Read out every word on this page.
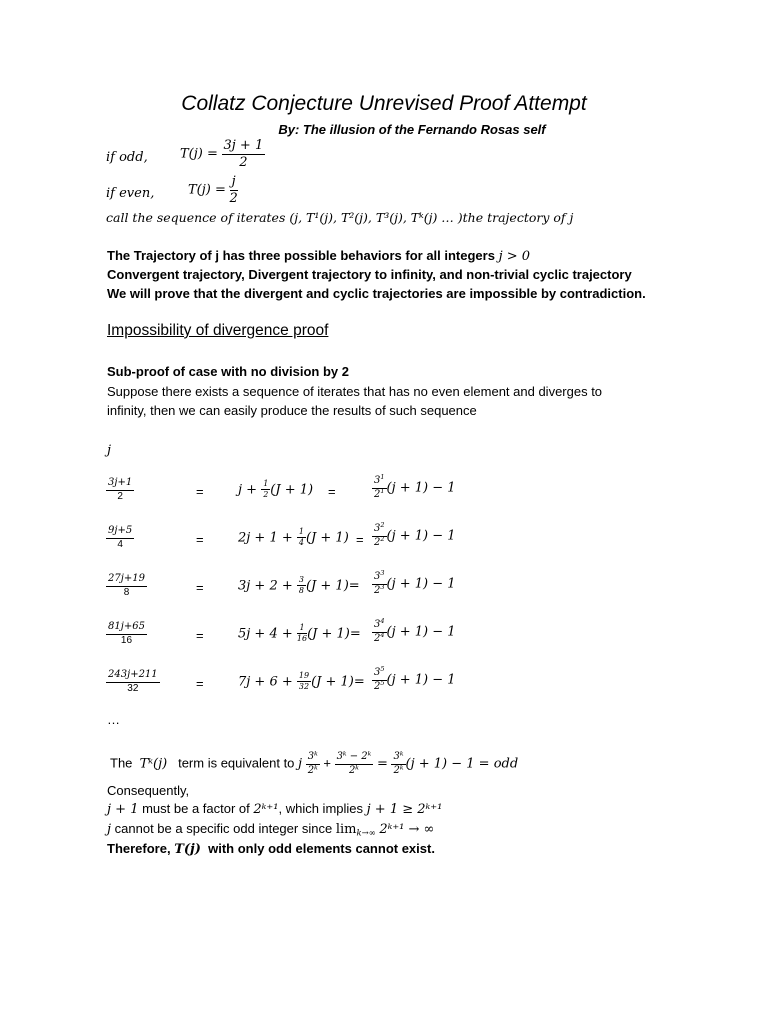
Collatz Conjecture Unrevised Proof Attempt
By: The illusion of the Fernando Rosas self
if odd, $T(j) = \frac{3j + 1}{2}$
if even,	$T(j) = \frac{j}{2}$
call the sequence of iterates (j, T¹(j), T²(j), T³(j), Tᵏ(j) … )the trajectory of j
The Trajectory of j has three possible behaviors for all integers j > 0
Convergent trajectory, Divergent trajectory to infinity, and non-trivial cyclic trajectory
We will prove that the divergent and cyclic trajectories are impossible by contradiction.
Impossibility of divergence proof
Sub-proof of case with no division by 2
Suppose there exists a sequence of iterates that has no even element and diverges to
infinity, then we can easily produce the results of such sequence
j
$\frac{3j+1}{2}$	=	$j + \frac{1}{2} (J + 1)$ =	$\frac{3^1}{2^1} (j + 1) - 1$
$\frac{9j+5}{4}$	=	$2j + 1 + \frac{1}{4} (J + 1) = \frac{3^2}{2^2} (j + 1) - 1$
$\frac{27j+19}{8}$	=	$3j + 2 + \frac{3}{8} (J + 1)= \frac{3^3}{2^3} (j + 1) - 1$
$\frac{81j+65}{16}$	=	$5j + 4 + \frac{1}{16} (J + 1)= \frac{3^4}{2^4} (j + 1) - 1$
$\frac{243j+211}{32}$	=	$7j + 6 + \frac{19}{32} (J + 1)= \frac{3^5}{2^5} (j + 1) - 1$
…
The Tᵏ(j) term is equivalent to j $\frac{\text{3ᵏ}}{\text{2ᵏ}} + \frac{\text{3ᵏ − 2ᵏ}}{\text{2ᵏ}} = \frac{\text{3ᵏ}}{\text{2ᵏ}} (j + 1) - 1$ = odd
Consequently,
j + 1 must be a factor of 2ᵏ⁺¹, which implies j + 1 ≥ 2ᵏ⁺¹
j cannot be a specific odd integer since $\lim_{k\to\infty}$ 2ᵏ⁺¹ → ∞
Therefore, T(j) with only odd elements cannot exist.
